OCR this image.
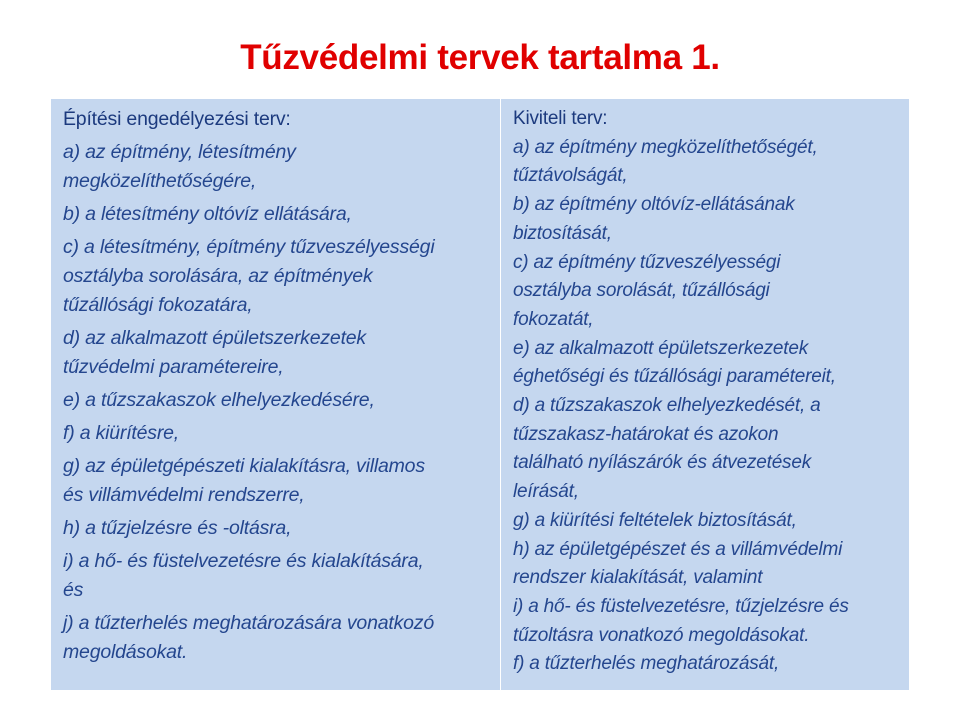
Tűzvédelmi tervek tartalma 1.
Építési engedélyezési terv:
a) az építmény, létesítmény
megközelíthetőségére,
b) a létesítmény oltóvíz ellátására,
c) a létesítmény, építmény tűzveszélyességi
osztályba sorolására, az építmények
tűzállósági fokozatára,
d) az alkalmazott épületszerkezetek
tűzvédelmi paramétereire,
e) a tűzszakaszok elhelyezkedésére,
f) a kiürítésre,
g) az épületgépészeti kialakításra, villamos
és villámvédelmi rendszerre,
h) a tűzjelzésre és -oltásra,
i) a hő- és füstelvezetésre és kialakítására,
és
j) a tűzterhelés meghatározására vonatkozó
megoldásokat.
Kiviteli terv:
a) az építmény megközelíthetőségét,
tűztávolságát,
b) az építmény oltóvíz-ellátásának
biztosítását,
c) az építmény tűzveszélyességi
osztályba sorolását, tűzállósági
fokozatát,
e) az alkalmazott épületszerkezetek
éghetőségi és tűzállósági paramétereit,
d) a tűzszakaszok elhelyezkedését, a
tűzszakasz-határokat és azokon
található nyílászárók és átvezetések
leírását,
g) a kiürítési feltételek biztosítását,
h) az épületgépészet és a villámvédelmi
rendszer kialakítását, valamint
i) a hő- és füstelvezetésre, tűzjelzésre és
tűzoltásra vonatkozó megoldásokat.
f) a tűzterhelés meghatározását,
